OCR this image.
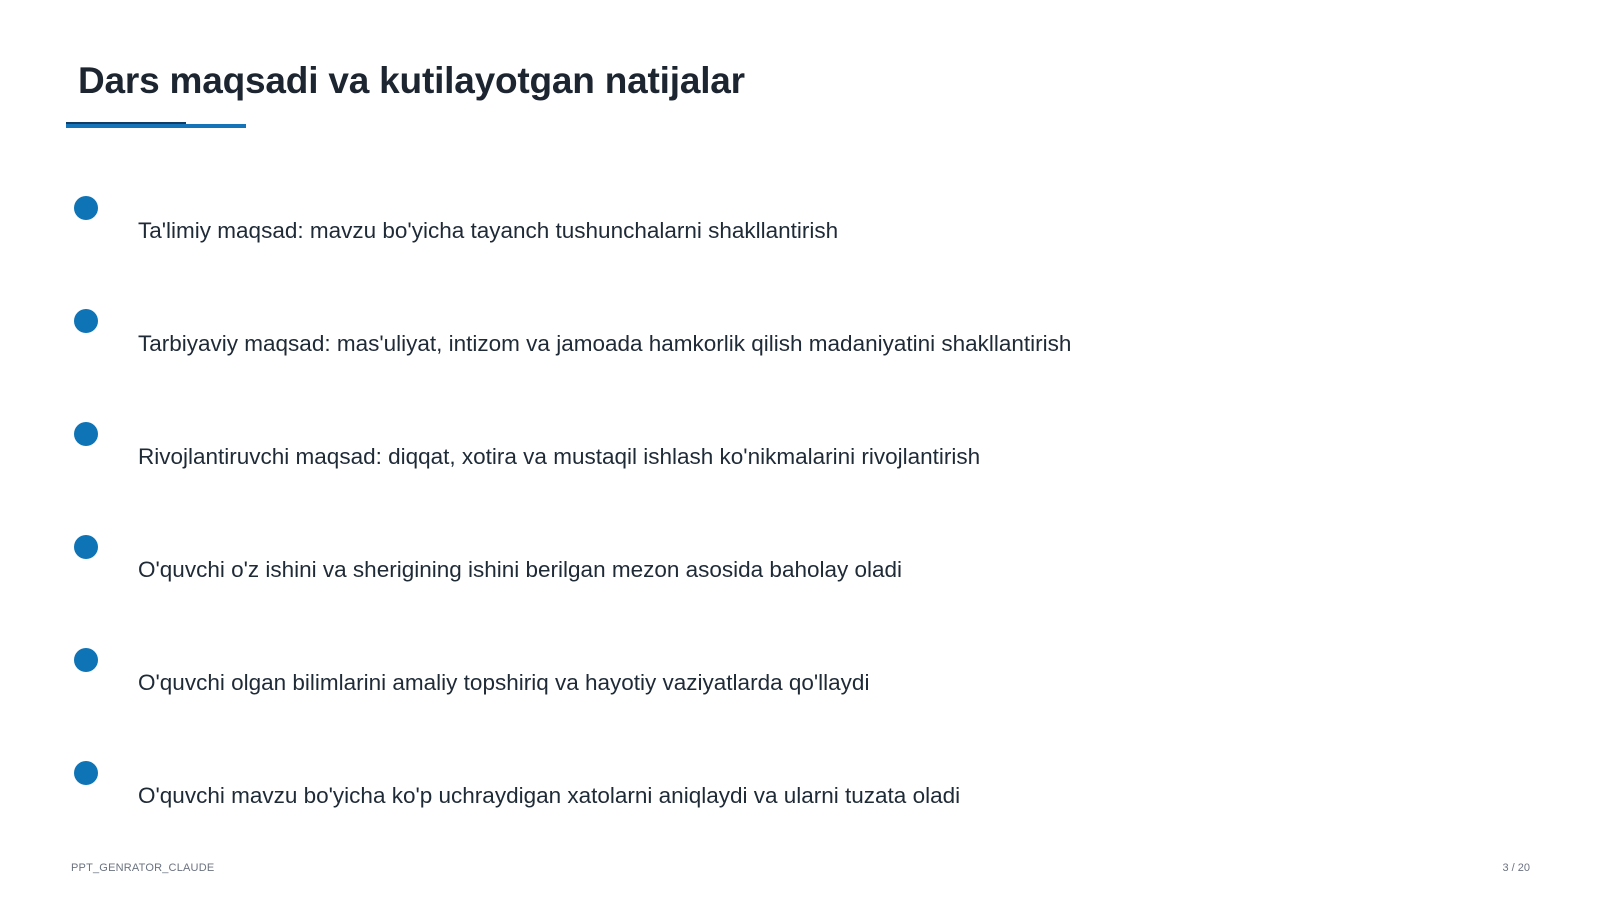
Dars maqsadi va kutilayotgan natijalar
Ta'limiy maqsad: mavzu bo'yicha tayanch tushunchalarni shakllantirish
Tarbiyaviy maqsad: mas'uliyat, intizom va jamoada hamkorlik qilish madaniyatini shakllantirish
Rivojlantiruvchi maqsad: diqqat, xotira va mustaqil ishlash ko'nikmalarini rivojlantirish
O'quvchi o'z ishini va sherigining ishini berilgan mezon asosida baholay oladi
O'quvchi olgan bilimlarini amaliy topshiriq va hayotiy vaziyatlarda qo'llaydi
O'quvchi mavzu bo'yicha ko'p uchraydigan xatolarni aniqlaydi va ularni tuzata oladi
PPT_GENRATOR_CLAUDE	3 / 20
